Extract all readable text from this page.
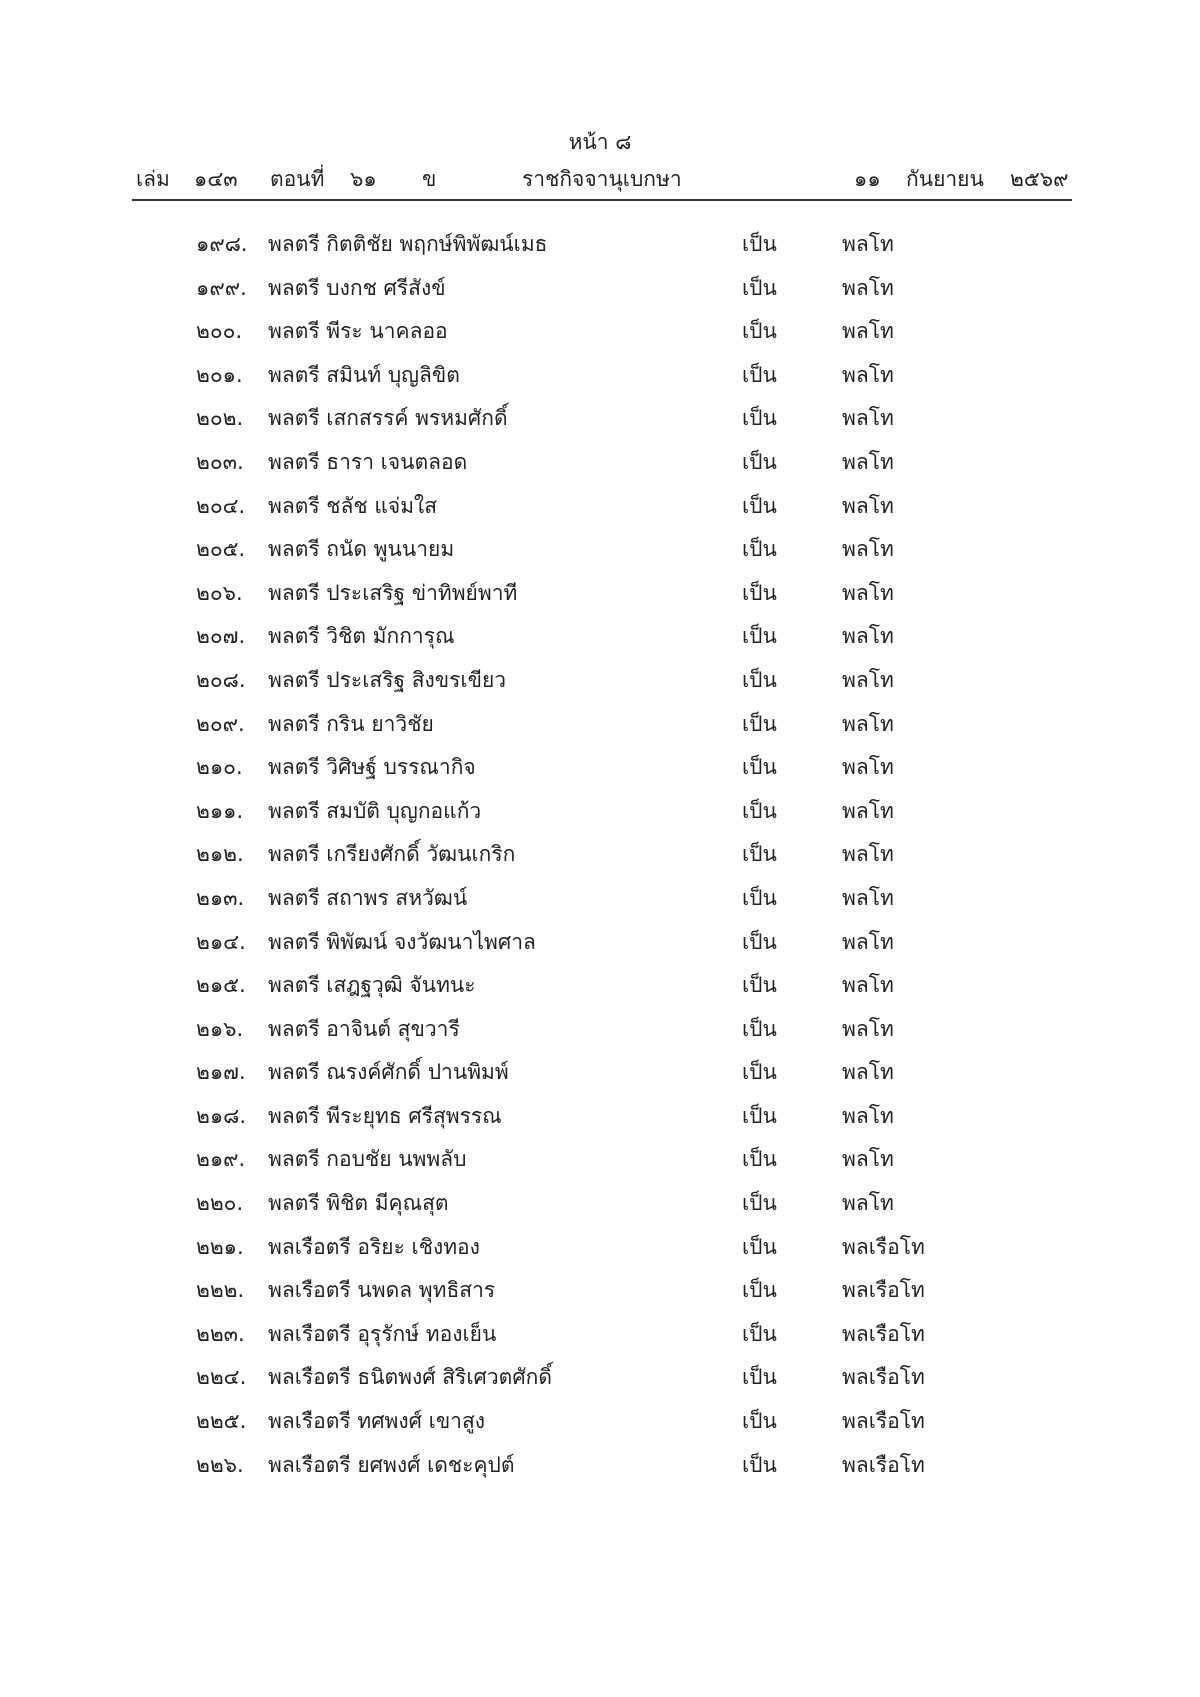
หน้า ๘
เล่ม ๑๔๓ ตอนที่ ๖๑ ข	ราชกิจจานุเบกษา	๑๑ กันยายน ๒๕๖๙
๑๙๘. พลตรี กิตติชัย พฤกษ์พิพัฒน์เมธ	เป็น	พลโท
๑๙๙. พลตรี บงกช ศรีสังข์	เป็น	พลโท
๒๐๐. พลตรี พีระ นาคลออ	เป็น	พลโท
๒๐๑. พลตรี สมินท์ บุญลิขิต	เป็น	พลโท
๒๐๒. พลตรี เสกสรรค์ พรหมศักดิ์	เป็น	พลโท
๒๐๓. พลตรี ธารา เจนตลอด	เป็น	พลโท
๒๐๔. พลตรี ชลัช แจ่มใส	เป็น	พลโท
๒๐๕. พลตรี ถนัด พูนนายม	เป็น	พลโท
๒๐๖. พลตรี ประเสริฐ ข่าทิพย์พาที	เป็น	พลโท
๒๐๗. พลตรี วิชิต มักการุณ	เป็น	พลโท
๒๐๘. พลตรี ประเสริฐ สิงขรเขียว	เป็น	พลโท
๒๐๙. พลตรี กริน ยาวิชัย	เป็น	พลโท
๒๑๐. พลตรี วิศิษฐ์ บรรณากิจ	เป็น	พลโท
๒๑๑. พลตรี สมบัติ บุญกอแก้ว	เป็น	พลโท
๒๑๒. พลตรี เกรียงศักดิ์ วัฒนเกริก	เป็น	พลโท
๒๑๓. พลตรี สถาพร สหวัฒน์	เป็น	พลโท
๒๑๔. พลตรี พิพัฒน์ จงวัฒนาไพศาล	เป็น	พลโท
๒๑๕. พลตรี เสฎฐวุฒิ จันทนะ	เป็น	พลโท
๒๑๖. พลตรี อาจินต์ สุขวารี	เป็น	พลโท
๒๑๗. พลตรี ณรงค์ศักดิ์ ปานพิมพ์	เป็น	พลโท
๒๑๘. พลตรี พีระยุทธ ศรีสุพรรณ	เป็น	พลโท
๒๑๙. พลตรี กอบชัย นพพลับ	เป็น	พลโท
๒๒๐. พลตรี พิชิต มีคุณสุต	เป็น	พลโท
๒๒๑. พลเรือตรี อริยะ เชิงทอง	เป็น	พลเรือโท
๒๒๒. พลเรือตรี นพดล พุทธิสาร	เป็น	พลเรือโท
๒๒๓. พลเรือตรี อุรุรักษ์ ทองเย็น	เป็น	พลเรือโท
๒๒๔. พลเรือตรี ธนิตพงศ์ สิริเศวตศักดิ์	เป็น	พลเรือโท
๒๒๕. พลเรือตรี ทศพงศ์ เขาสูง	เป็น	พลเรือโท
๒๒๖. พลเรือตรี ยศพงศ์ เดชะคุปต์	เป็น	พลเรือโท
